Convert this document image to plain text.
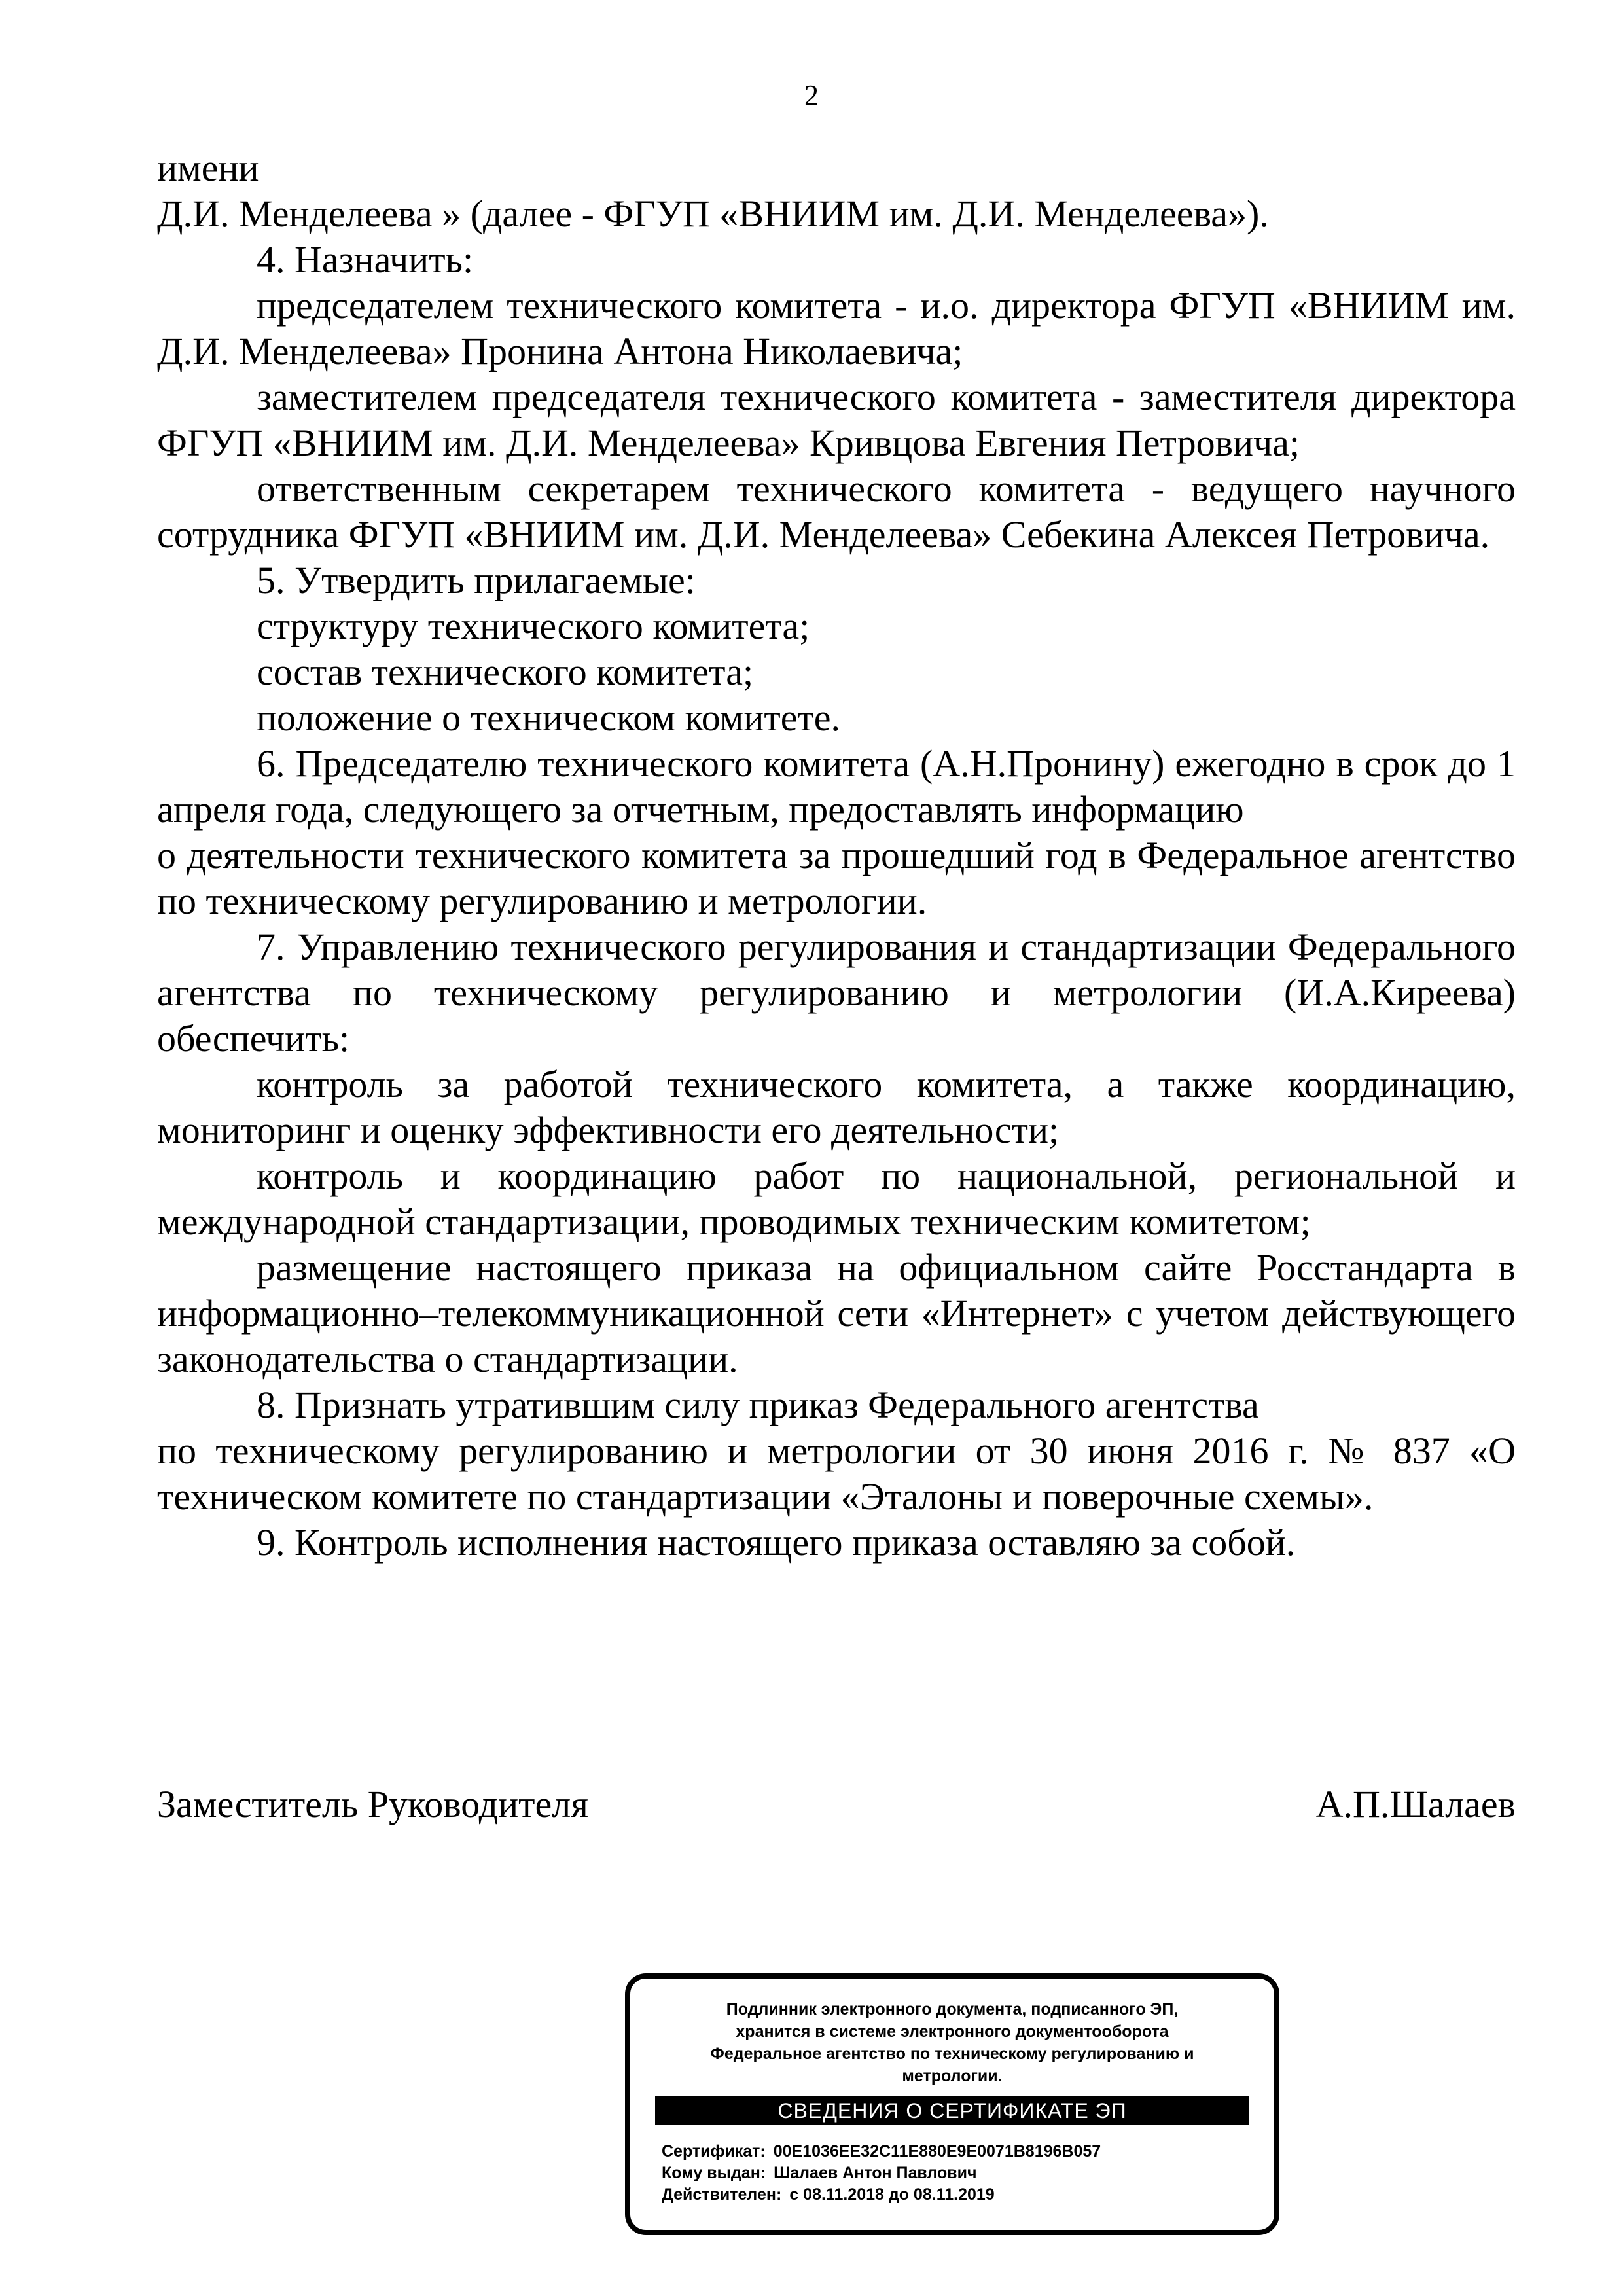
2

имени

Д.И. Менделеева » (далее - ФГУП «ВНИИМ им. Д.И. Менделеева»).

4. Назначить:

председателем технического комитета - и.о. директора ФГУП «ВНИИМ им. Д.И. Менделеева» Пронина Антона Николаевича;

заместителем председателя технического комитета - заместителя директора ФГУП «ВНИИМ им. Д.И. Менделеева» Кривцова Евгения Петровича;

ответственным секретарем технического комитета - ведущего научного сотрудника ФГУП «ВНИИМ им. Д.И. Менделеева» Себекина Алексея Петровича.

5. Утвердить прилагаемые:

структуру технического комитета;

состав технического комитета;

положение о техническом комитете.

6. Председателю технического комитета (А.Н.Пронину) ежегодно в срок до 1 апреля года, следующего за отчетным, предоставлять информацию

о деятельности технического комитета за прошедший год в Федеральное агентство по техническому регулированию и метрологии.

7. Управлению технического регулирования и стандартизации Федерального агентства по техническому регулированию и метрологии (И.А.Киреева) обеспечить:

контроль за работой технического комитета, а также координацию, мониторинг и оценку эффективности его деятельности;

контроль и координацию работ по национальной, региональной и международной стандартизации, проводимых техническим комитетом;

размещение настоящего приказа на официальном сайте Росстандарта в информационно–телекоммуникационной сети «Интернет» с учетом действующего законодательства о стандартизации.

8. Признать утратившим силу приказ Федерального агентства

по техническому регулированию и метрологии от 30 июня 2016 г. № 837 «О техническом комитете по стандартизации «Эталоны и поверочные схемы».

9. Контроль исполнения настоящего приказа оставляю за собой.

Заместитель Руководителя	А.П.Шалаев
Подлинник электронного документа, подписанного ЭП,
хранится в системе электронного документооборота
Федеральное агентство по техническому регулированию и
метрологии.
СВЕДЕНИЯ О СЕРТИФИКАТЕ ЭП
Сертификат: 00E1036EE32C11E880E9E0071B8196B057
Кому выдан: Шалаев Антон Павлович
Действителен: с 08.11.2018 до 08.11.2019
